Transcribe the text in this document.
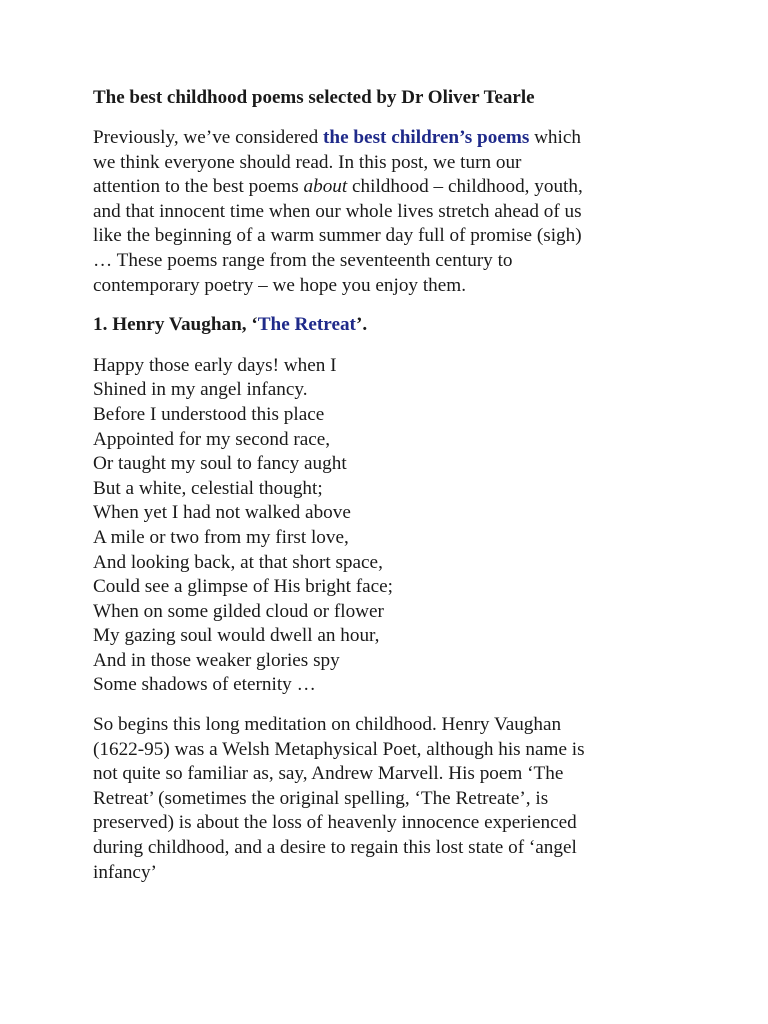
The best childhood poems selected by Dr Oliver Tearle
Previously, we’ve considered the best children’s poems which
we think everyone should read. In this post, we turn our
attention to the best poems about childhood – childhood, youth,
and that innocent time when our whole lives stretch ahead of us
like the beginning of a warm summer day full of promise (sigh)
… These poems range from the seventeenth century to
contemporary poetry – we hope you enjoy them.
1. Henry Vaughan, ‘The Retreat’.
Happy those early days! when I
Shined in my angel infancy.
Before I understood this place
Appointed for my second race,
Or taught my soul to fancy aught
But a white, celestial thought;
When yet I had not walked above
A mile or two from my first love,
And looking back, at that short space,
Could see a glimpse of His bright face;
When on some gilded cloud or flower
My gazing soul would dwell an hour,
And in those weaker glories spy
Some shadows of eternity …
So begins this long meditation on childhood. Henry Vaughan
(1622-95) was a Welsh Metaphysical Poet, although his name is
not quite so familiar as, say, Andrew Marvell. His poem ‘The
Retreat’ (sometimes the original spelling, ‘The Retreate’, is
preserved) is about the loss of heavenly innocence experienced
during childhood, and a desire to regain this lost state of ‘angel
infancy’
